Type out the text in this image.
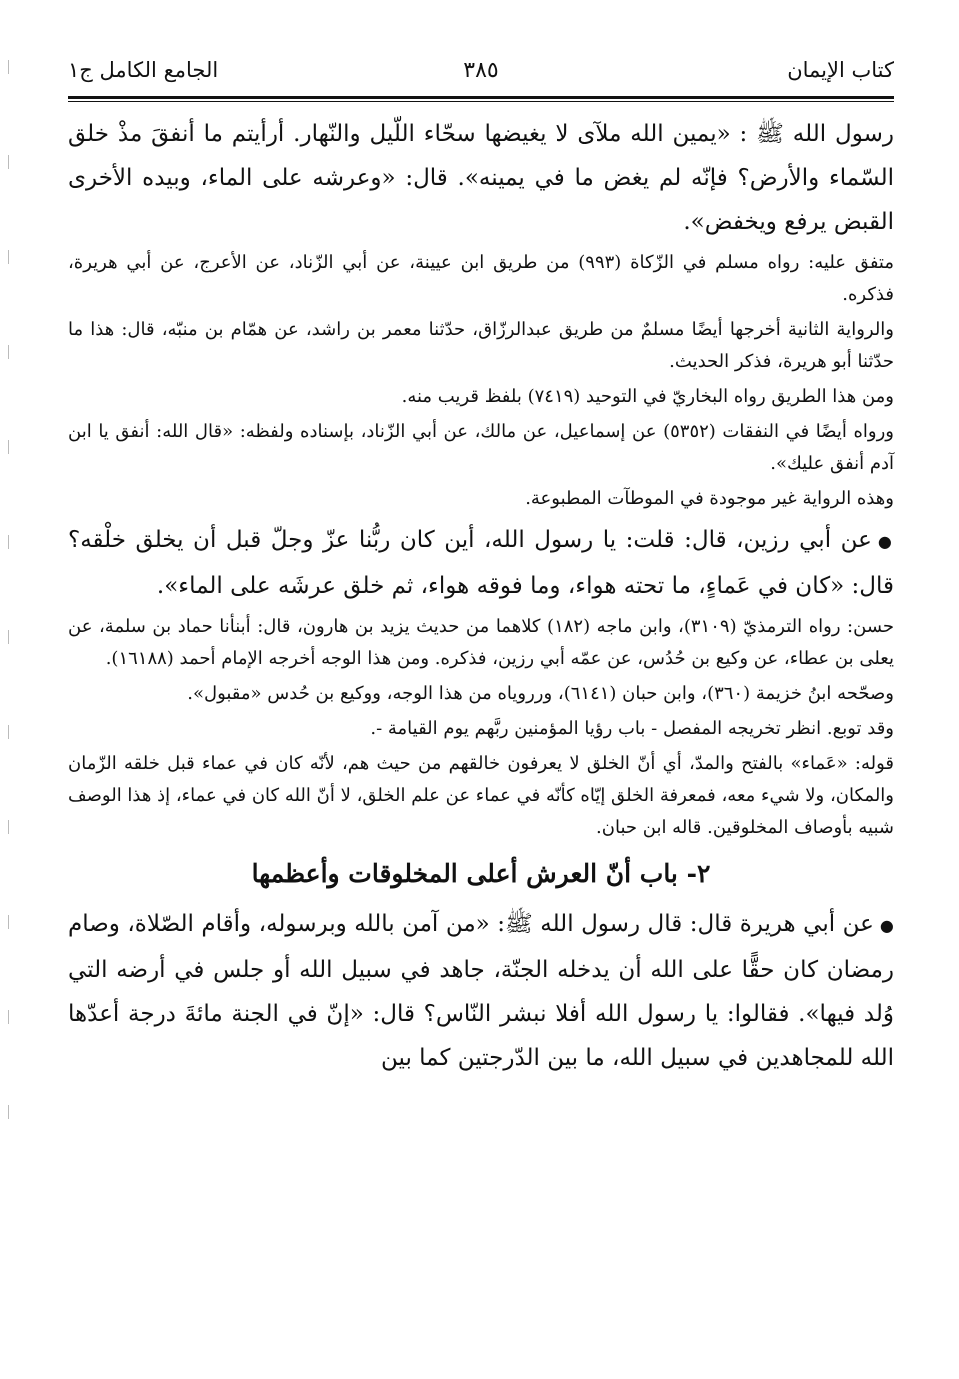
كتاب الإيمان
٣٨٥
الجامع الكامل ج١

رسول الله ﷺ : «يمين الله ملآى لا يغيضها سحّاء اللّيل والنّهار. أرأيتم ما أنفقَ مذْ خلق السّماء والأرض؟ فإنّه لم يغض ما في يمينه». قال: «وعرشه على الماء، وبيده الأخرى القبض يرفع ويخفض».

متفق عليه: رواه مسلم في الزّكاة (٩٩٣) من طريق ابن عيينة، عن أبي الزّناد، عن الأعرج، عن أبي هريرة، فذكره.

والرواية الثانية أخرجها أيضًا مسلمٌ من طريق عبدالرزّاق، حدّثنا معمر بن راشد، عن همّام بن منبّه، قال: هذا ما حدّثنا أبو هريرة، فذكر الحديث.

ومن هذا الطريق رواه البخاريّ في التوحيد (٧٤١٩) بلفظ قريب منه.

ورواه أيضًا في النفقات (٥٣٥٢) عن إسماعيل، عن مالك، عن أبي الزّناد، بإسناده ولفظه: «قال الله: أنفق يا ابن آدم أنفق عليك».

وهذه الرواية غير موجودة في الموطآت المطبوعة.

●عن أبي رزين، قال: قلت: يا رسول الله، أين كان ربُّنا عزّ وجلّ قبل أن يخلق خلْقه؟ قال: «كان في عَماءٍ، ما تحته هواء، وما فوقه هواء، ثم خلق عرشَه على الماء».

حسن: رواه الترمذيّ (٣١٠٩)، وابن ماجه (١٨٢) كلاهما من حديث يزيد بن هارون، قال: أبنأنا حماد بن سلمة، عن يعلى بن عطاء، عن وكيع بن حُدُس، عن عمّه أبي رزين، فذكره. ومن هذا الوجه أخرجه الإمام أحمد (١٦١٨٨).

وصحّحه ابنُ خزيمة (٣٦٠)، وابن حبان (٦١٤١)، ورروياه من هذا الوجه، ووكيع بن حُدس «مقبول».

وقد توبع. انظر تخريجه المفصل - باب رؤيا المؤمنين ربَّهم يوم القيامة -.

قوله: «عَماء» بالفتح والمدّ، أي أنّ الخلق لا يعرفون خالقهم من حيث هم، لأنّه كان في عماء قبل خلقه الزّمان والمكان، ولا شيء معه، فمعرفة الخلق إيّاه كأنّه في عماء عن علم الخلق، لا أنّ الله كان في عماء، إذ هذا الوصف شبيه بأوصاف المخلوقين. قاله ابن حبان.

٢- باب أنّ العرش أعلى المخلوقات وأعظمها

●عن أبي هريرة قال: قال رسول الله ﷺ: «من آمن بالله وبرسوله، وأقام الصّلاة، وصام رمضان كان حقًّا على الله أن يدخله الجنّة، جاهد في سبيل الله أو جلس في أرضه التي وُلد فيها». فقالوا: يا رسول الله أفلا نبشر النّاس؟ قال: «إنّ في الجنة مائةَ درجة أعدّها الله للمجاهدين في سبيل الله، ما بين الدّرجتين كما بين
